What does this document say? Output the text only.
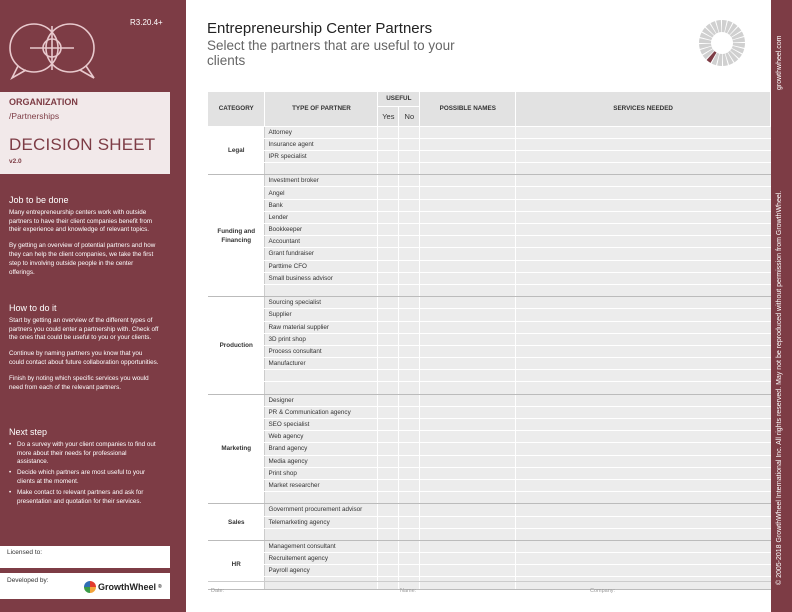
R3.20.4+
ORGANIZATION
/Partnerships
DECISION SHEET
v2.0
Job to be done

Many entrepreneurship centers work with outside partners to have their client companies benefit from their experience and knowledge of relevant topics.

By getting an overview of potential partners and how they can help the client companies, we take the first step to involving outside people in the center offerings.

How to do it

Start by getting an overview of the different types of partners you could enter a partnership with. Check off the ones that could be useful to you or your clients.

Continue by naming partners you know that you could contact about future collaboration opportunities.

Finish by noting which specific services you would need from each of the relevant partners.

Next step
• Do a survey with your client companies to find out more about their needs for professional assistance.
• Decide which partners are most useful to your clients at the moment.
• Make contact to relevant partners and ask for presentation and quotation for their services.
Licensed to:
Developed by:
GrowthWheel ®
Entrepreneurship Center Partners
Select the partners that are useful to your clients
CATEGORY	TYPE OF PARTNER	USEFUL		POSSIBLE NAMES	SERVICES NEEDED
		Yes	No		
Legal	Attorney				
	Insurance agent				
	IPR specialist				

Funding and Financing	Investment broker				
	Angel				
	Bank				
	Lender				
	Bookkeeper				
	Accountant				
	Grant fundraiser				
	Parttime CFO				
	Small business advisor				

Production	Sourcing specialist				
	Supplier				
	Raw material supplier				
	3D print shop				
	Process consultant				
	Manufacturer				

Marketing	Designer				
	PR & Communication agency				
	SEO specialist				
	Web agency				
	Brand agency				
	Media agency				
	Print shop				
	Market researcher				

Sales	Government procurement advisor				
	Telemarketing agency				

HR	Management consultant				
	Recruitement agency				
	Payroll agency				

Date:	Name:	Company:
growthwheel.com
© 2005-2018 GrowthWheel International Inc. All rights reserved. May not be reproduced without permission from GrowthWheel.
